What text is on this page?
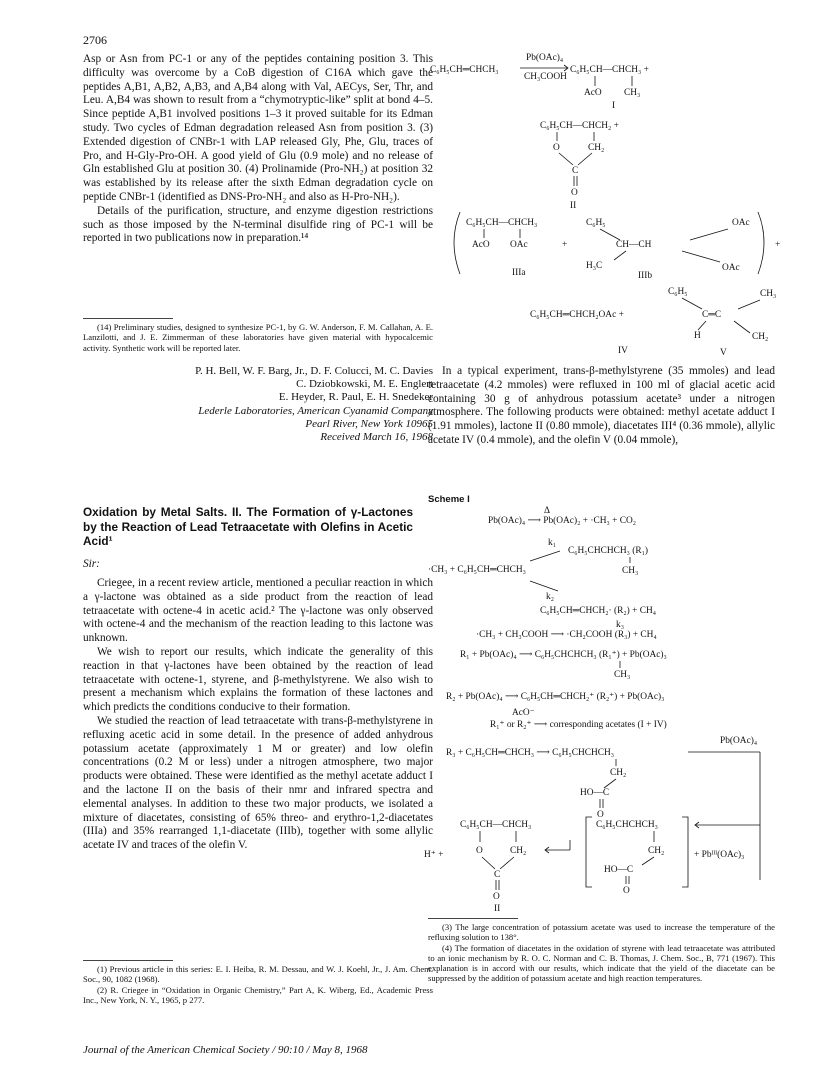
2706

Asp or Asn from PC-1 or any of the peptides containing position 3. This difficulty was overcome by a CoB digestion of C16A which gave the peptides A,B1, A,B2, A,B3, and A,B4 along with Val, AECys, Ser, Thr, and Leu. A,B4 was shown to result from a “chymotryptic-like” split at bond 4–5. Since peptide A,B1 involved positions 1–3 it proved suitable for its Edman study. Two cycles of Edman degradation released Asn from position 3. (3) Extended digestion of CNBr-1 with LAP released Gly, Phe, Glu, traces of Pro, and H-Gly-Pro-OH. A good yield of Glu (0.9 mole) and no release of Gln established Glu at position 30. (4) Prolinamide (Pro-NH₂) at position 32 was established by its release after the sixth Edman degradation cycle on peptide CNBr-1 (identified as DNS-Pro-NH₂ and also as H-Pro-NH₂).

Details of the purification, structure, and enzyme digestion restrictions such as those imposed by the N-terminal disulfide ring of PC-1 will be reported in two publications now in preparation.¹⁴

(14) Preliminary studies, designed to synthesize PC-1, by G. W. Anderson, F. M. Callahan, A. E. Lanzilotti, and J. E. Zimmerman of these laboratories have given material with hypocalcemic activity. Synthetic work will be reported later.

P. H. Bell, W. F. Barg, Jr., D. F. Colucci, M. C. Davies

C. Dziobkowski, M. E. Englert

E. Heyder, R. Paul, E. H. Snedeker

Lederle Laboratories, American Cyanamid Company

Pearl River, New York 10965

Received March 16, 1968

Oxidation by Metal Salts. II. The Formation of γ-Lactones by the Reaction of Lead Tetraacetate with Olefins in Acetic Acid¹
Sir:

Criegee, in a recent review article, mentioned a peculiar reaction in which a γ-lactone was obtained as a side product from the reaction of lead tetraacetate with octene-4 in acetic acid.² The γ-lactone was only observed with octene-4 and the mechanism of the reaction leading to this lactone was unknown.

We wish to report our results, which indicate the generality of this reaction in that γ-lactones have been obtained by the reaction of lead tetraacetate with octene-1, styrene, and β-methylstyrene. We also wish to present a mechanism which explains the formation of these lactones and which predicts the conditions conducive to their formation.

We studied the reaction of lead tetraacetate with trans-β-methylstyrene in refluxing acetic acid in some detail. In the presence of added anhydrous potassium acetate (approximately 1 M or greater) and low olefin concentrations (0.2 M or less) under a nitrogen atmosphere, two major products were obtained. These were identified as the methyl acetate adduct I and the lactone II on the basis of their nmr and infrared spectra and elemental analyses. In addition to these two major products, we isolated a mixture of diacetates, consisting of 65% threo- and erythro-1,2-diacetates (IIIa) and 35% rearranged 1,1-diacetate (IIIb), together with some allylic acetate IV and traces of the olefin V.

(1) Previous article in this series: E. I. Heiba, R. M. Dessau, and W. J. Koehl, Jr., J. Am. Chem. Soc., 90, 1082 (1968).

(2) R. Criegee in “Oxidation in Organic Chemistry,” Part A, K. Wiberg, Ed., Academic Press Inc., New York, N. Y., 1965, p 277.

C₆H₅CH═CHCH₃
Pb(OAc)₄
CH₃COOH
C₆H₅CH—CHCH₃ +
AcO CH₃
I
C₆H₅CH—CHCH₂ +
O	CH₂
C
O
II
+
C₆H₅CH—CHCH₃
AcO OAc	+
IIIa
C₆H₅	OAc
CH—CH
H₃C	OAc
IIIb
C₆H₅	CH₃
C₆H₅CH═CHCH₂OAc +	C═C
H	CH₂
IV	V

In a typical experiment, trans-β-methylstyrene (35 mmoles) and lead tetraacetate (4.2 mmoles) were refluxed in 100 ml of glacial acetic acid containing 30 g of anhydrous potassium acetate³ under a nitrogen atmosphere. The following products were obtained: methyl acetate adduct I (1.91 mmoles), lactone II (0.80 mmole), diacetates III⁴ (0.36 mmole), allylic acetate IV (0.4 mmole), and the olefin V (0.04 mmole),

Scheme I
Δ
Pb(OAc)₄ ⟶ Pb(OAc)₂ + ·CH₃ + CO₂
k₁
C₆H₅CHCHCH₃ (R₁)
CH₃
·CH₃ + C₆H₅CH═CHCH₃
k₂
C₆H₅CH═CHCH₂· (R₂) + CH₄
k₃
·CH₃ + CH₃COOH ⟶ ·CH₂COOH (R₃) + CH₄
R₁ + Pb(OAc)₄ ⟶ C₆H₅CHCHCH₃ (R₁⁺) + Pb(OAc)₃
CH₃
R₂ + Pb(OAc)₄ ⟶ C₆H₅CH═CHCH₂⁺ (R₂⁺) + Pb(OAc)₃
AcO⁻
R₁⁺ or R₂⁺ ⟶ corresponding acetates (I + IV)
Pb(OAc)₄
R₃ + C₆H₅CH═CHCH₃ ⟶ C₆H₅CHCHCH₃
CH₂
HO—C
O
H⁺ +
C₆H₅CH—CHCH₃
O	CH₂
C
O
II
C₆H₅CHCHCH₃
CH₂
HO—C
O
+ Pbᴵᴵᴵ(OAc)₃

(3) The large concentration of potassium acetate was used to increase the temperature of the refluxing solution to 138°.

(4) The formation of diacetates in the oxidation of styrene with lead tetraacetate was attributed to an ionic mechanism by R. O. C. Norman and C. B. Thomas, J. Chem. Soc., B, 771 (1967). This explanation is in accord with our results, which indicate that the yield of the diacetate can be suppressed by the addition of potassium acetate and high reaction temperatures.

Journal of the American Chemical Society / 90:10 / May 8, 1968
